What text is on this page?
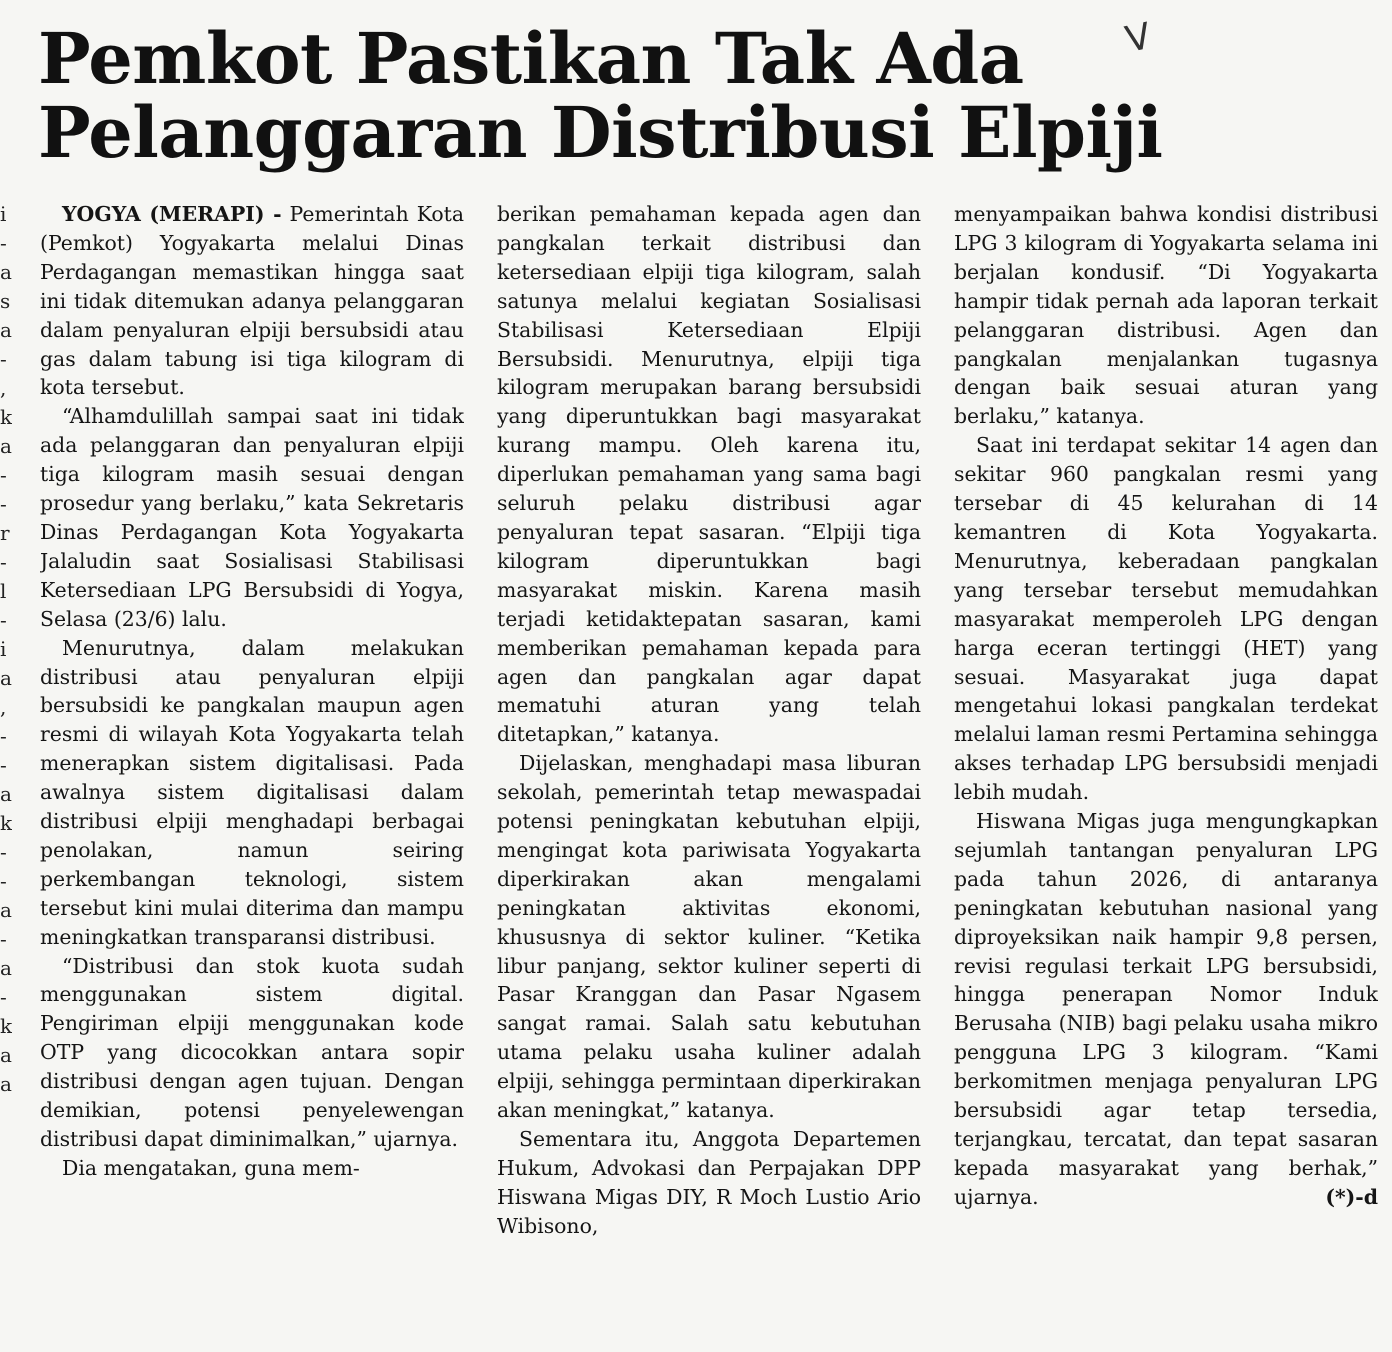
Pemkot Pastikan Tak Ada
Pelanggaran Distribusi Elpiji
V
i - a s a - , k a - - r - l - i a , - - a k - - a - a - k a a

YOGYA (MERAPI) - Pemerintah Kota (Pemkot) Yogyakarta melalui Dinas Perdagangan memastikan hingga saat ini tidak ditemukan adanya pelanggaran dalam penyaluran elpiji bersubsidi atau gas dalam tabung isi tiga kilogram di kota tersebut.

“Alhamdulillah sampai saat ini tidak ada pelanggaran dan penyaluran elpiji tiga kilogram masih sesuai dengan prosedur yang berlaku,” kata Sekretaris Dinas Perdagangan Kota Yogyakarta Jalaludin saat Sosialisasi Stabilisasi Ketersediaan LPG Bersubsidi di Yogya, Selasa (23/6) lalu.

Menurutnya, dalam melakukan distribusi atau penyaluran elpiji bersubsidi ke pangkalan maupun agen resmi di wilayah Kota Yogyakarta telah menerapkan sistem digitalisasi. Pada awalnya sistem digitalisasi dalam distribusi elpiji menghadapi berbagai penolakan, namun seiring perkembangan teknologi, sistem tersebut kini mulai diterima dan mampu meningkatkan transparansi distribusi.

“Distribusi dan stok kuota sudah menggunakan sistem digital. Pengiriman elpiji menggunakan kode OTP yang dicocokkan antara sopir distribusi dengan agen tujuan. Dengan demikian, potensi penyelewengan distribusi dapat diminimalkan,” ujarnya.

Dia mengatakan, guna mem-

berikan pemahaman kepada agen dan pangkalan terkait distribusi dan ketersediaan elpiji tiga kilogram, salah satunya melalui kegiatan Sosialisasi Stabilisasi Ketersediaan Elpiji Bersubsidi. Menurutnya, elpiji tiga kilogram merupakan barang bersubsidi yang diperuntukkan bagi masyarakat kurang mampu. Oleh karena itu, diperlukan pemahaman yang sama bagi seluruh pelaku distribusi agar penyaluran tepat sasaran. “Elpiji tiga kilogram diperuntukkan bagi masyarakat miskin. Karena masih terjadi ketidaktepatan sasaran, kami memberikan pemahaman kepada para agen dan pangkalan agar dapat mematuhi aturan yang telah ditetapkan,” katanya.

Dijelaskan, menghadapi masa liburan sekolah, pemerintah tetap mewaspadai potensi peningkatan kebutuhan elpiji, mengingat kota pariwisata Yogyakarta diperkirakan akan mengalami peningkatan aktivitas ekonomi, khususnya di sektor kuliner. “Ketika libur panjang, sektor kuliner seperti di Pasar Kranggan dan Pasar Ngasem sangat ramai. Salah satu kebutuhan utama pelaku usaha kuliner adalah elpiji, sehingga permintaan diperkirakan akan meningkat,” katanya.

Sementara itu, Anggota Departemen Hukum, Advokasi dan Perpajakan DPP Hiswana Migas DIY, R Moch Lustio Ario Wibisono,

menyampaikan bahwa kondisi distribusi LPG 3 kilogram di Yogyakarta selama ini berjalan kondusif. “Di Yogyakarta hampir tidak pernah ada laporan terkait pelanggaran distribusi. Agen dan pangkalan menjalankan tugasnya dengan baik sesuai aturan yang berlaku,” katanya.

Saat ini terdapat sekitar 14 agen dan sekitar 960 pangkalan resmi yang tersebar di 45 kelurahan di 14 kemantren di Kota Yogyakarta. Menurutnya, keberadaan pangkalan yang tersebar tersebut memudahkan masyarakat memperoleh LPG dengan harga eceran tertinggi (HET) yang sesuai. Masyarakat juga dapat mengetahui lokasi pangkalan terdekat melalui laman resmi Pertamina sehingga akses terhadap LPG bersubsidi menjadi lebih mudah.

Hiswana Migas juga mengungkapkan sejumlah tantangan penyaluran LPG pada tahun 2026, di antaranya peningkatan kebutuhan nasional yang diproyeksikan naik hampir 9,8 persen, revisi regulasi terkait LPG bersubsidi, hingga penerapan Nomor Induk Berusaha (NIB) bagi pelaku usaha mikro pengguna LPG 3 kilogram. “Kami berkomitmen menjaga penyaluran LPG bersubsidi agar tetap tersedia, terjangkau, tercatat, dan tepat sasaran kepada masyarakat yang berhak,” ujarnya.	(*)-d
